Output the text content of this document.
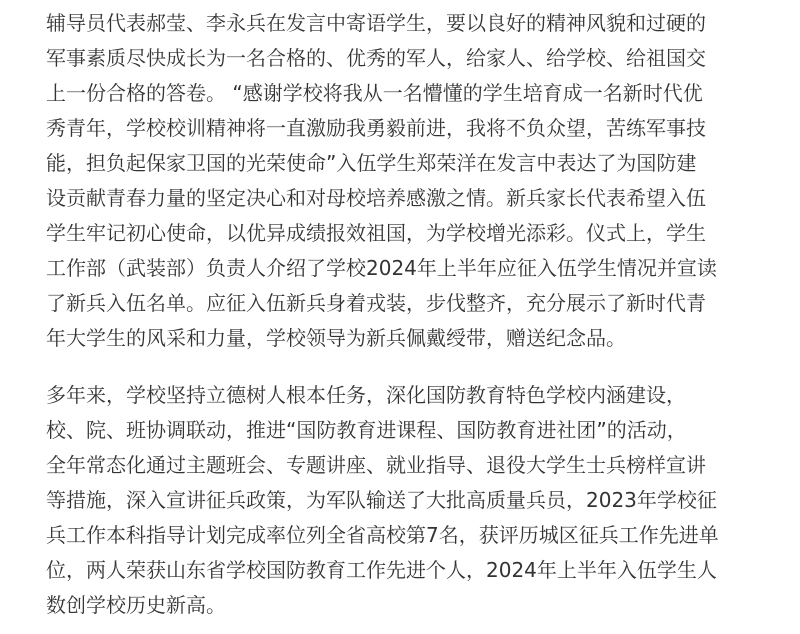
辅导员代表郝莹、李永兵在发言中寄语学生，要以良好的精神风貌和过硬的
军事素质尽快成长为一名合格的、优秀的军人，给家人、给学校、给祖国交
上一份合格的答卷。 “感谢学校将我从一名懵懂的学生培育成一名新时代优
秀青年，学校校训精神将一直激励我勇毅前进，我将不负众望，苦练军事技
能，担负起保家卫国的光荣使命”入伍学生郑荣洋在发言中表达了为国防建
设贡献青春力量的坚定决心和对母校培养感激之情。新兵家长代表希望入伍
学生牢记初心使命，以优异成绩报效祖国，为学校增光添彩。仪式上，学生
工作部（武装部）负责人介绍了学校2024年上半年应征入伍学生情况并宣读
了新兵入伍名单。应征入伍新兵身着戎装，步伐整齐，充分展示了新时代青
年大学生的风采和力量，学校领导为新兵佩戴绶带，赠送纪念品。
多年来，学校坚持立德树人根本任务，深化国防教育特色学校内涵建设，
校、院、班协调联动，推进“国防教育进课程、国防教育进社团”的活动，
全年常态化通过主题班会、专题讲座、就业指导、退役大学生士兵榜样宣讲
等措施，深入宣讲征兵政策，为军队输送了大批高质量兵员，2023年学校征
兵工作本科指导计划完成率位列全省高校第7名，获评历城区征兵工作先进单
位，两人荣获山东省学校国防教育工作先进个人，2024年上半年入伍学生人
数创学校历史新高。
